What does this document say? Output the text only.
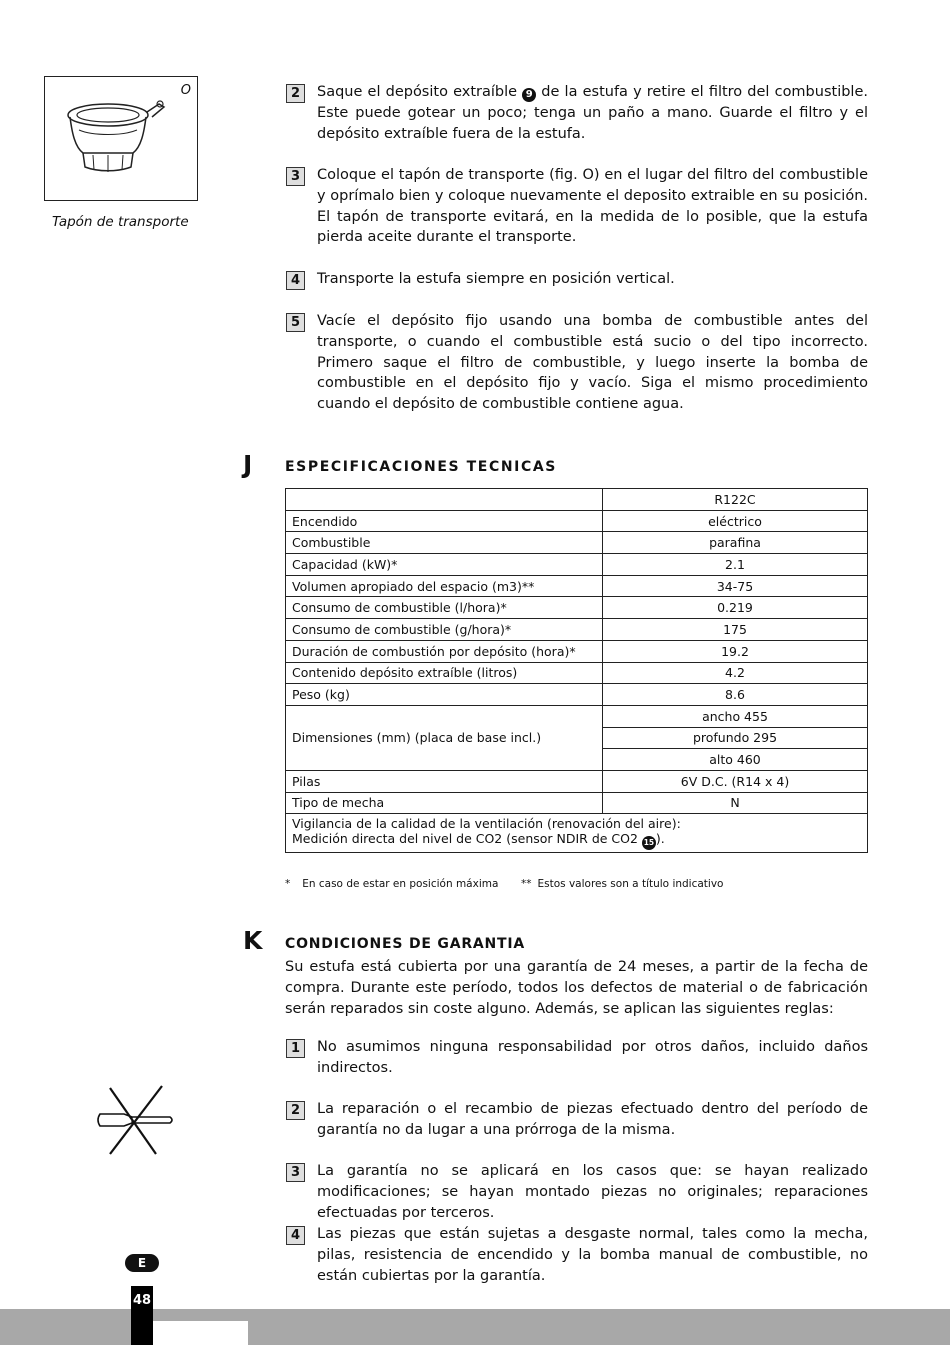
O
Tapón de transporte
2	Saque el depósito extraíble 9 de la estufa y retire el filtro del combustible. Este puede gotear un poco; tenga un paño a mano. Guarde el filtro y el depósito extraíble fuera de la estufa.
3	Coloque el tapón de transporte (fig. O) en el lugar del filtro del combustible y oprímalo bien y coloque nuevamente el deposito extraible en su posición. El tapón de transporte evitará, en la medida de lo posible, que la estufa pierda aceite durante el transporte.
4	Transporte la estufa siempre en posición vertical.
5	Vacíe el depósito fijo usando una bomba de combustible antes del transporte, o cuando el combustible está sucio o del tipo incorrecto. Primero saque el filtro de combustible, y luego inserte la bomba de combustible en el depósito fijo y vacío. Siga el mismo procedimiento cuando el depósito de combustible contiene agua.
J ESPECIFICACIONES TECNICAS
	R122C
Encendido	eléctrico
Combustible	parafina
Capacidad (kW)*	2.1
Volumen apropiado del espacio (m3)**	34-75
Consumo de combustible (l/hora)*	0.219
Consumo de combustible (g/hora)*	175
Duración de combustión por depósito (hora)*	19.2
Contenido depósito extraíble (litros)	4.2
Peso (kg)	8.6
Dimensiones (mm) (placa de base incl.)	ancho 455
	profundo 295
	alto 460
Pilas	6V D.C. (R14 x 4)
Tipo de mecha	N

Vigilancia de la calidad de la ventilación (renovación del aire):
Medición directa del nivel de CO2 (sensor NDIR de CO2 15 ).	
* En caso de estar en posición máxima ** Estos valores son a título indicativo
K CONDICIONES DE GARANTIA
Su estufa está cubierta por una garantía de 24 meses, a partir de la fecha de compra. Durante este período, todos los defectos de material o de fabricación serán reparados sin coste alguno. Además, se aplican las siguientes reglas:
1	No asumimos ninguna responsabilidad por otros daños, incluido daños indirectos.
2	La reparación o el recambio de piezas efectuado dentro del período de garantía no da lugar a una prórroga de la misma.
3	La garantía no se aplicará en los casos que: se hayan realizado modificaciones; se hayan montado piezas no originales; reparaciones efectuadas por terceros.
4	Las piezas que están sujetas a desgaste normal, tales como la mecha, pilas, resistencia de encendido y la bomba manual de combustible, no están cubiertas por la garantía.
E
48
